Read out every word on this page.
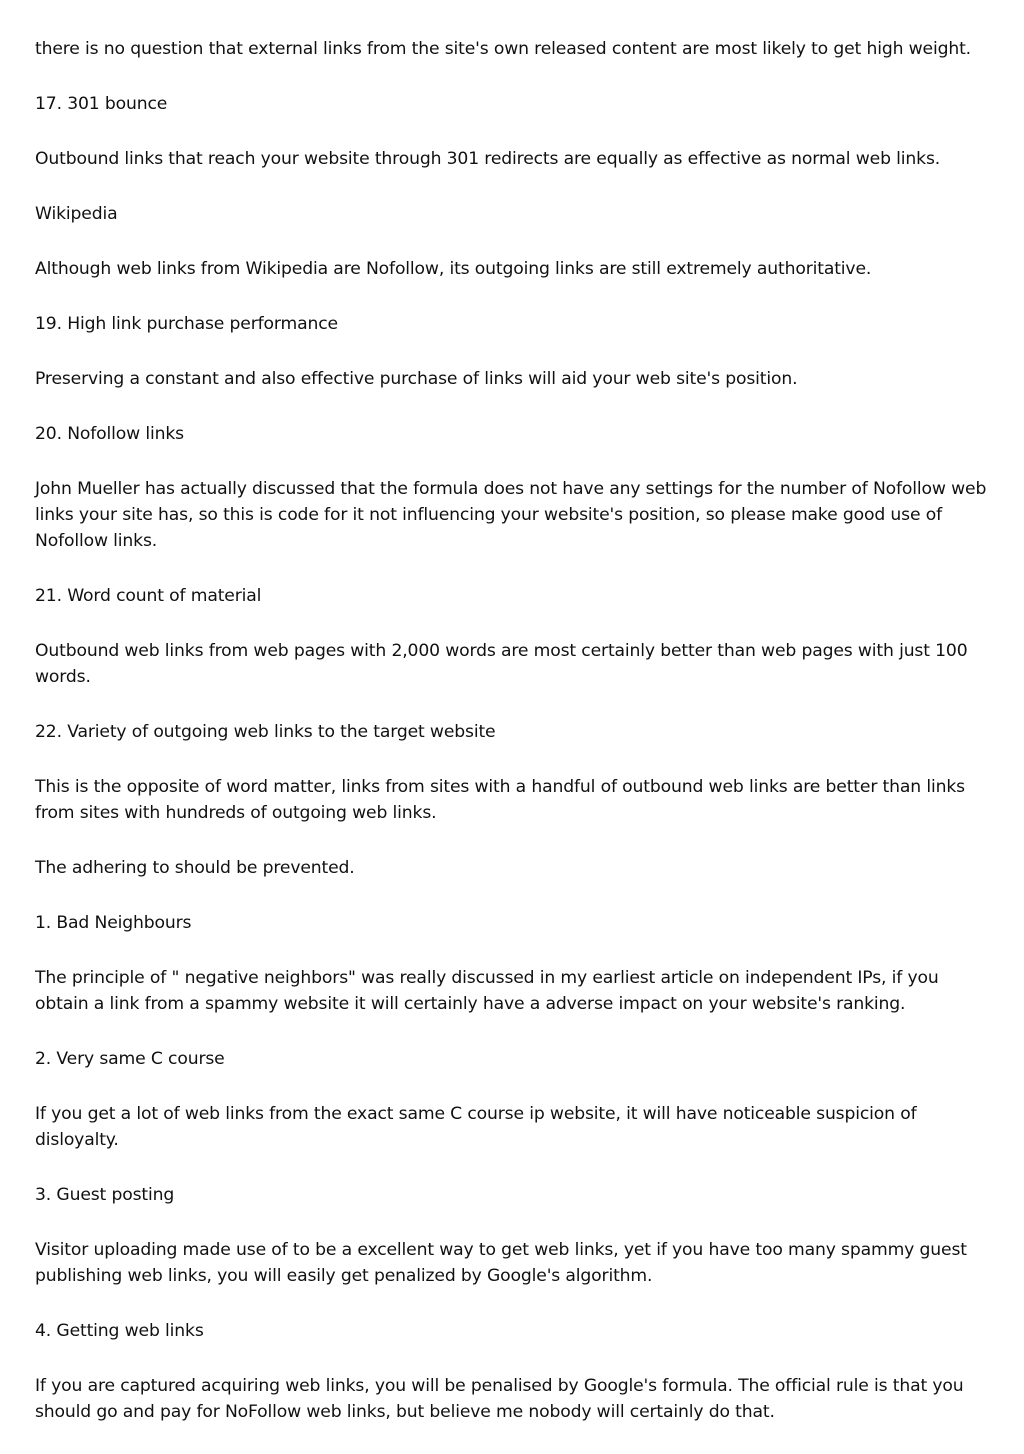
there is no question that external links from the site's own released content are most likely to get high weight.

17. 301 bounce

Outbound links that reach your website through 301 redirects are equally as effective as normal web links.

Wikipedia

Although web links from Wikipedia are Nofollow, its outgoing links are still extremely authoritative.

19. High link purchase performance

Preserving a constant and also effective purchase of links will aid your web site's position.

20. Nofollow links

John Mueller has actually discussed that the formula does not have any settings for the number of Nofollow web links your site has, so this is code for it not influencing your website's position, so please make good use of Nofollow links.

21. Word count of material

Outbound web links from web pages with 2,000 words are most certainly better than web pages with just 100 words.

22. Variety of outgoing web links to the target website

This is the opposite of word matter, links from sites with a handful of outbound web links are better than links from sites with hundreds of outgoing web links.

The adhering to should be prevented.

1. Bad Neighbours

The principle of " negative neighbors" was really discussed in my earliest article on independent IPs, if you obtain a link from a spammy website it will certainly have a adverse impact on your website's ranking.

2. Very same C course

If you get a lot of web links from the exact same C course ip website, it will have noticeable suspicion of disloyalty.

3. Guest posting

Visitor uploading made use of to be a excellent way to get web links, yet if you have too many spammy guest publishing web links, you will easily get penalized by Google's algorithm.

4. Getting web links

If you are captured acquiring web links, you will be penalised by Google's formula. The official rule is that you should go and pay for NoFollow web links, but believe me nobody will certainly do that.
